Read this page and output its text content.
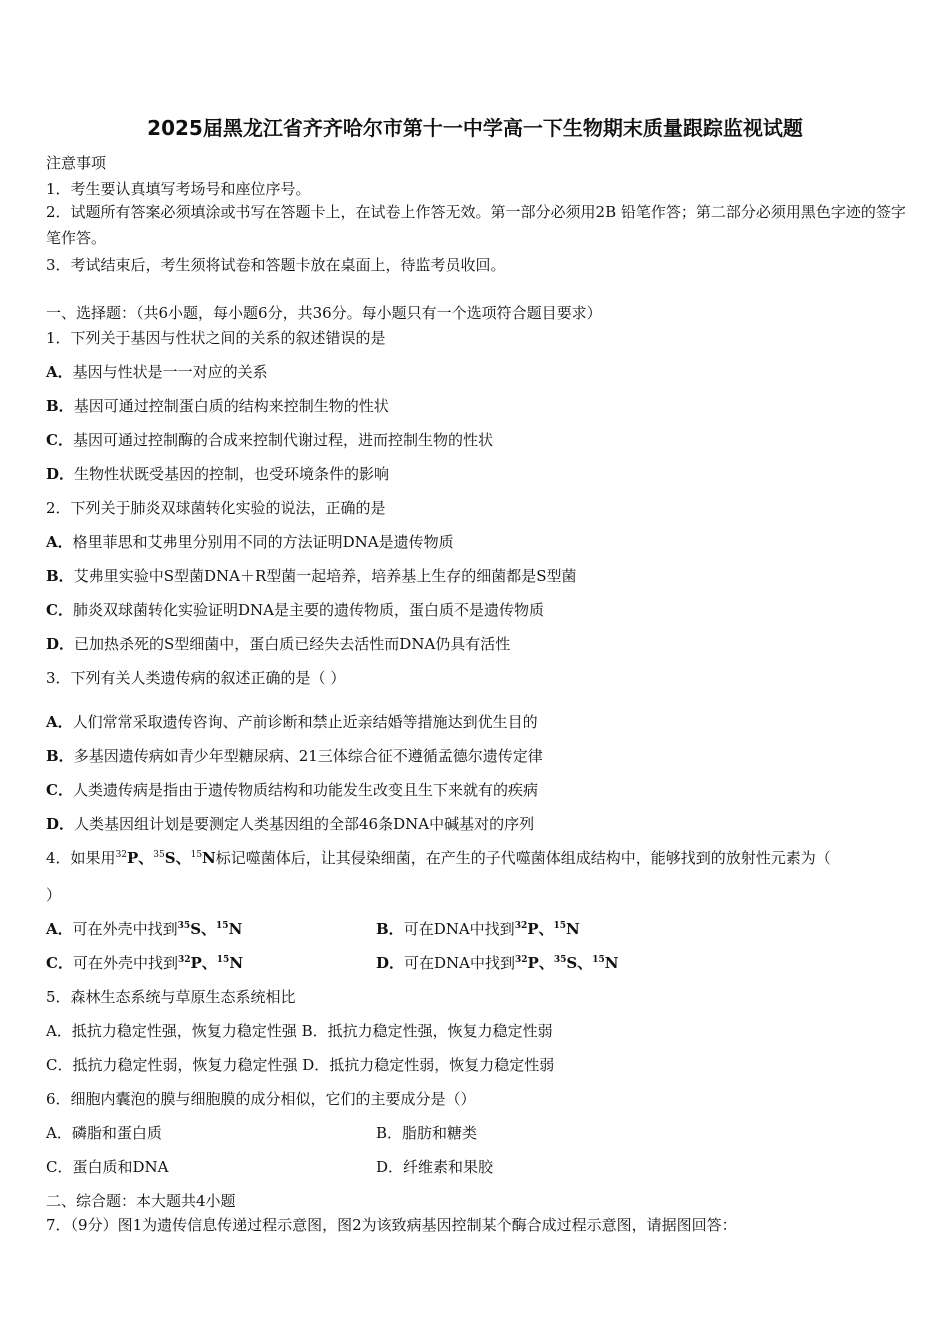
2025届黑龙江省齐齐哈尔市第十一中学高一下生物期末质量跟踪监视试题
注意事项
1．考生要认真填写考场号和座位序号。
2．试题所有答案必须填涂或书写在答题卡上，在试卷上作答无效。第一部分必须用2B 铅笔作答；第二部分必须用黑色字迹的签字笔作答。
3．考试结束后，考生须将试卷和答题卡放在桌面上，待监考员收回。
一、选择题：（共6小题，每小题6分，共36分。每小题只有一个选项符合题目要求）
1．下列关于基因与性状之间的关系的叙述错误的是
A．基因与性状是一一对应的关系
B．基因可通过控制蛋白质的结构来控制生物的性状
C．基因可通过控制酶的合成来控制代谢过程，进而控制生物的性状
D．生物性状既受基因的控制，也受环境条件的影响
2．下列关于肺炎双球菌转化实验的说法，正确的是
A．格里菲思和艾弗里分别用不同的方法证明DNA是遗传物质
B．艾弗里实验中S型菌DNA＋R型菌一起培养，培养基上生存的细菌都是S型菌
C．肺炎双球菌转化实验证明DNA是主要的遗传物质，蛋白质不是遗传物质
D．已加热杀死的S型细菌中，蛋白质已经失去活性而DNA仍具有活性
3．下列有关人类遗传病的叙述正确的是（ ）
A．人们常常采取遗传咨询、产前诊断和禁止近亲结婚等措施达到优生目的
B．多基因遗传病如青少年型糖尿病、21三体综合征不遵循孟德尔遗传定律
C．人类遗传病是指由于遗传物质结构和功能发生改变且生下来就有的疾病
D．人类基因组计划是要测定人类基因组的全部46条DNA中碱基对的序列
4．如果用$^{32}$P、$^{35}$S、$^{15}$N标记噬菌体后，让其侵染细菌，在产生的子代噬菌体组成结构中，能够找到的放射性元素为（
）
A．可在外壳中找到$^{35}$S、$^{15}$N	B．可在DNA中找到$^{32}$P、$^{15}$N
C．可在外壳中找到$^{32}$P、$^{15}$N	D．可在DNA中找到$^{32}$P、$^{35}$S、$^{15}$N
5．森林生态系统与草原生态系统相比
A．抵抗力稳定性强，恢复力稳定性强 B．抵抗力稳定性强，恢复力稳定性弱
C．抵抗力稳定性弱，恢复力稳定性强 D．抵抗力稳定性弱，恢复力稳定性弱
6．细胞内囊泡的膜与细胞膜的成分相似，它们的主要成分是（）
A．磷脂和蛋白质	B．脂肪和糖类
C．蛋白质和DNA	D．纤维素和果胶
二、综合题：本大题共4小题
7．（9分）图1为遗传信息传递过程示意图，图2为该致病基因控制某个酶合成过程示意图，请据图回答：
